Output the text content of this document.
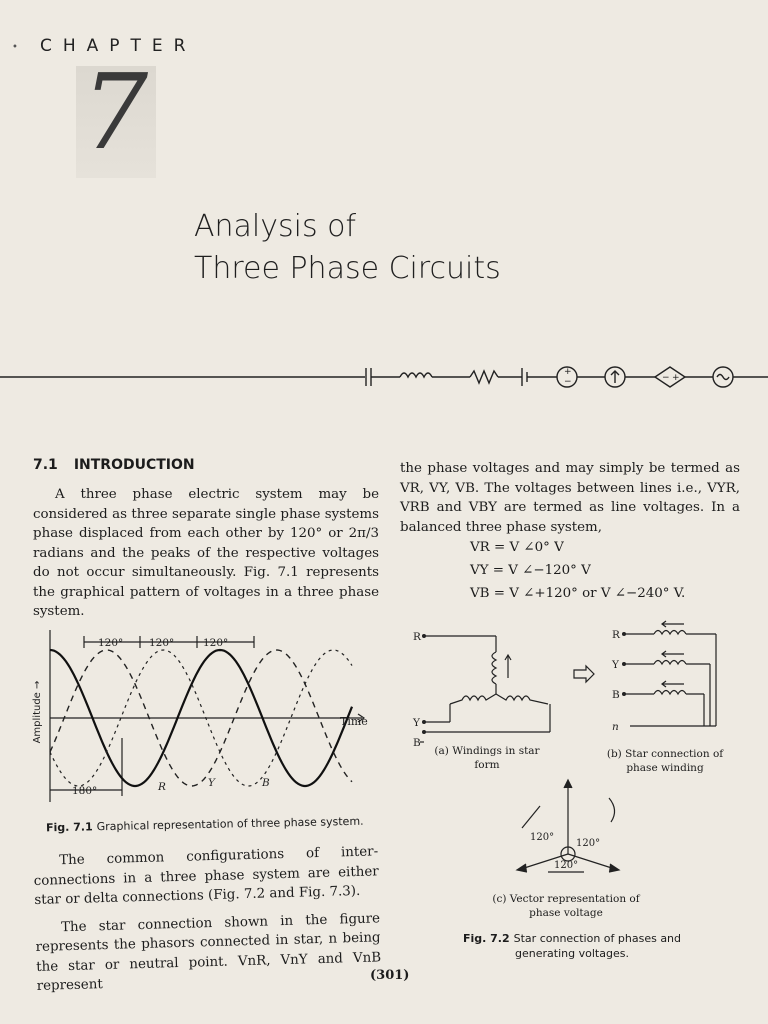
• CHAPTER
7
Analysis of
Three Phase Circuits
+
−	− +
7.1 INTRODUCTION
A three phase electric system may be considered as three separate single phase systems phase displaced from each other by 120° or 2π/3 radians and the peaks of the respective voltages do not occur simultaneously. Fig. 7.1 represents the graphical pattern of voltages in a three phase system.
the phase voltages and may simply be termed as VR, VY, VB. The voltages between lines i.e., VYR, VRB and VBY are termed as line voltages. In a balanced three phase system,
VR = V ∠0° V
VY = V ∠−120° V
VB = V ∠+120° or V ∠−240° V.
120° 120°	120°
Time
180°	R	Y	B
Amplitude →
Fig. 7.1 Graphical representation of three phase system.
The common configurations of inter-connections in a three phase system are either star or delta connections (Fig. 7.2 and Fig. 7.3).
The star connection shown in the figure represents the phasors connected in star, n being the star or neutral point. VnR, VnY and VnB represent
R
Y
B
(a) Windings in star form
R
Y
B
n
(b) Star connection of phase winding
120°
120°
120°
(c) Vector representation of phase voltage
Fig. 7.2 Star connection of phases and generating voltages.
(301)
